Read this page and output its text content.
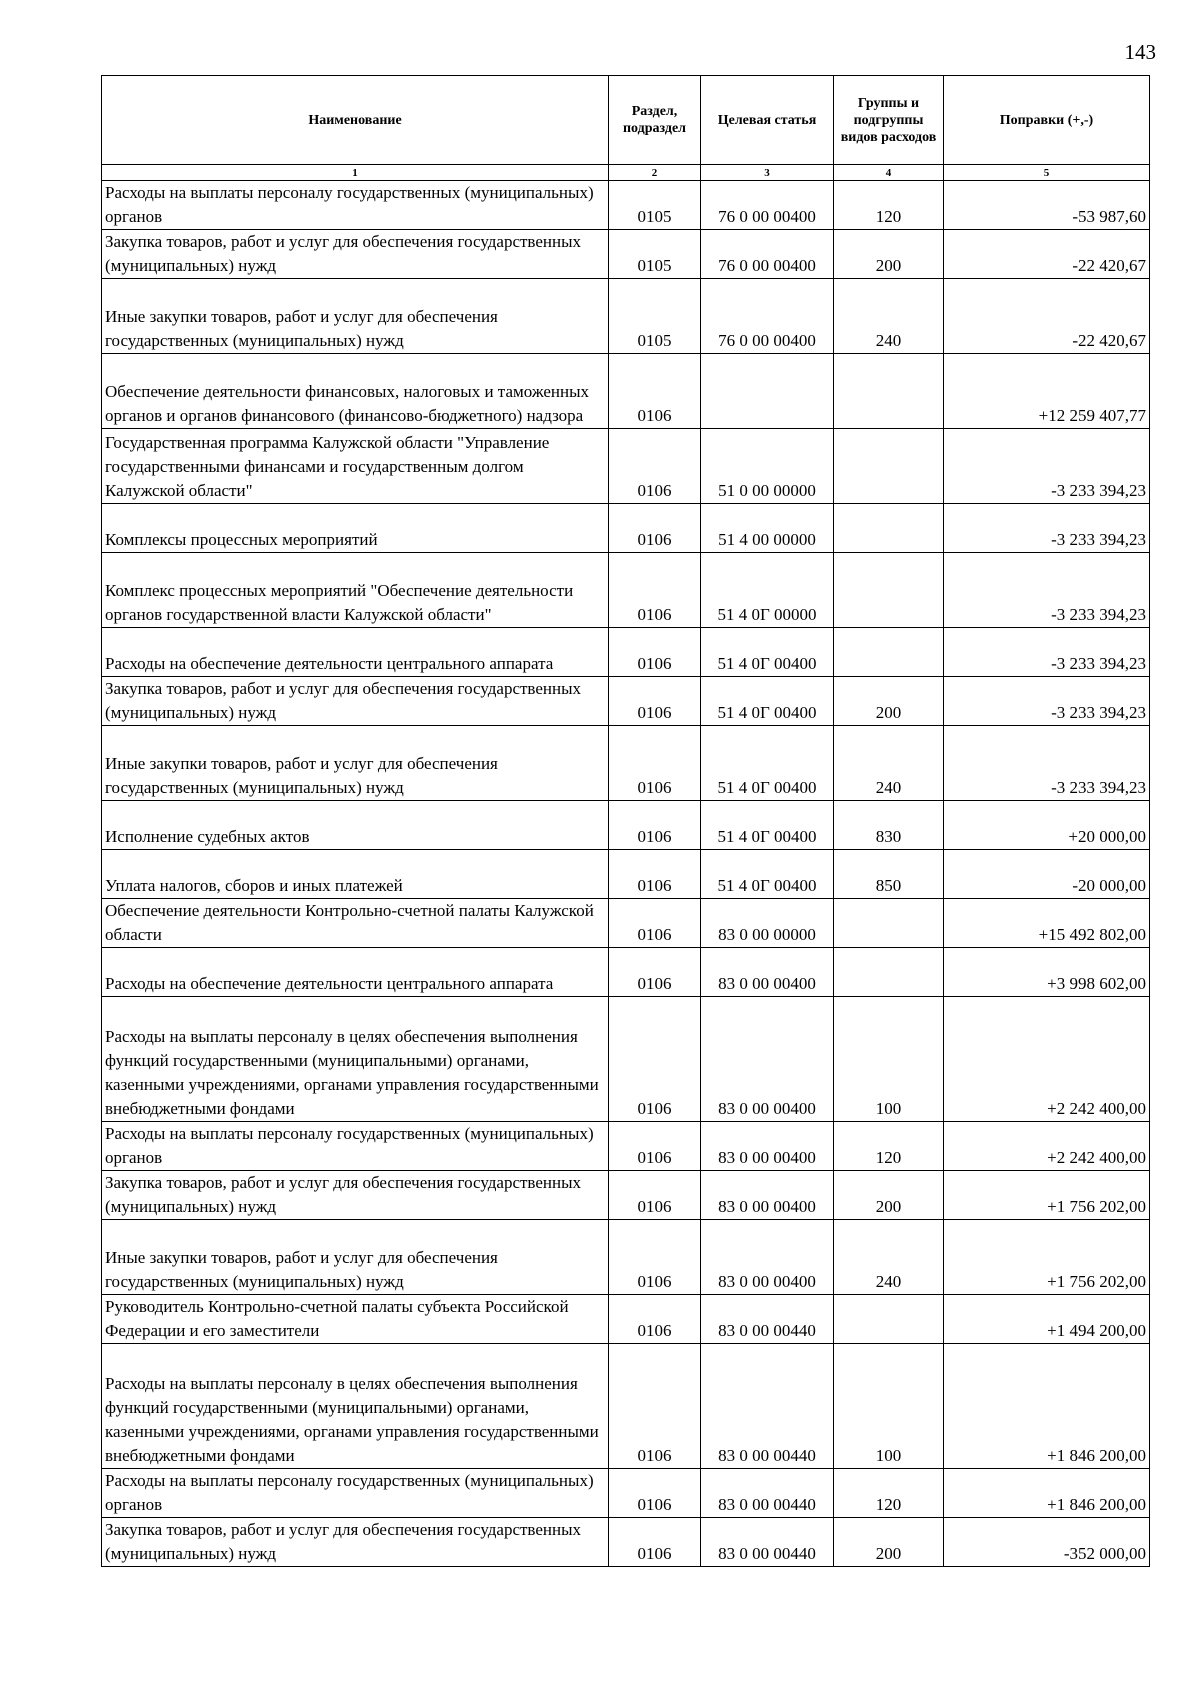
143
Наименование	Раздел, подраздел	Целевая статья	Группы и подгруппы видов расходов	Поправки (+,-)
1	2	3	4	5
Расходы на выплаты персоналу государственных (муниципальных) органов	0105	76 0 00 00400	120	-53 987,60
Закупка товаров, работ и услуг для обеспечения государственных (муниципальных) нужд	0105	76 0 00 00400	200	-22 420,67
Иные закупки товаров, работ и услуг для обеспечения государственных (муниципальных) нужд	0105	76 0 00 00400	240	-22 420,67
Обеспечение деятельности финансовых, налоговых и таможенных органов и органов финансового (финансово-бюджетного) надзора	0106			+12 259 407,77
Государственная программа Калужской области "Управление государственными финансами и государственным долгом Калужской области"	0106	51 0 00 00000		-3 233 394,23
Комплексы процессных мероприятий	0106	51 4 00 00000		-3 233 394,23
Комплекс процессных мероприятий "Обеспечение деятельности органов государственной власти Калужской области"	0106	51 4 0Г 00000		-3 233 394,23
Расходы на обеспечение деятельности центрального аппарата	0106	51 4 0Г 00400		-3 233 394,23
Закупка товаров, работ и услуг для обеспечения государственных (муниципальных) нужд	0106	51 4 0Г 00400	200	-3 233 394,23
Иные закупки товаров, работ и услуг для обеспечения государственных (муниципальных) нужд	0106	51 4 0Г 00400	240	-3 233 394,23
Исполнение судебных актов	0106	51 4 0Г 00400	830	+20 000,00
Уплата налогов, сборов и иных платежей	0106	51 4 0Г 00400	850	-20 000,00
Обеспечение деятельности Контрольно-счетной палаты Калужской области	0106	83 0 00 00000		+15 492 802,00
Расходы на обеспечение деятельности центрального аппарата	0106	83 0 00 00400		+3 998 602,00
Расходы на выплаты персоналу в целях обеспечения выполнения функций государственными (муниципальными) органами, казенными учреждениями, органами управления государственными внебюджетными фондами	0106	83 0 00 00400	100	+2 242 400,00
Расходы на выплаты персоналу государственных (муниципальных) органов	0106	83 0 00 00400	120	+2 242 400,00
Закупка товаров, работ и услуг для обеспечения государственных (муниципальных) нужд	0106	83 0 00 00400	200	+1 756 202,00
Иные закупки товаров, работ и услуг для обеспечения государственных (муниципальных) нужд	0106	83 0 00 00400	240	+1 756 202,00
Руководитель Контрольно-счетной палаты субъекта Российской Федерации и его заместители	0106	83 0 00 00440		+1 494 200,00
Расходы на выплаты персоналу в целях обеспечения выполнения функций государственными (муниципальными) органами, казенными учреждениями, органами управления государственными внебюджетными фондами	0106	83 0 00 00440	100	+1 846 200,00
Расходы на выплаты персоналу государственных (муниципальных) органов	0106	83 0 00 00440	120	+1 846 200,00
Закупка товаров, работ и услуг для обеспечения государственных (муниципальных) нужд	0106	83 0 00 00440	200	-352 000,00
